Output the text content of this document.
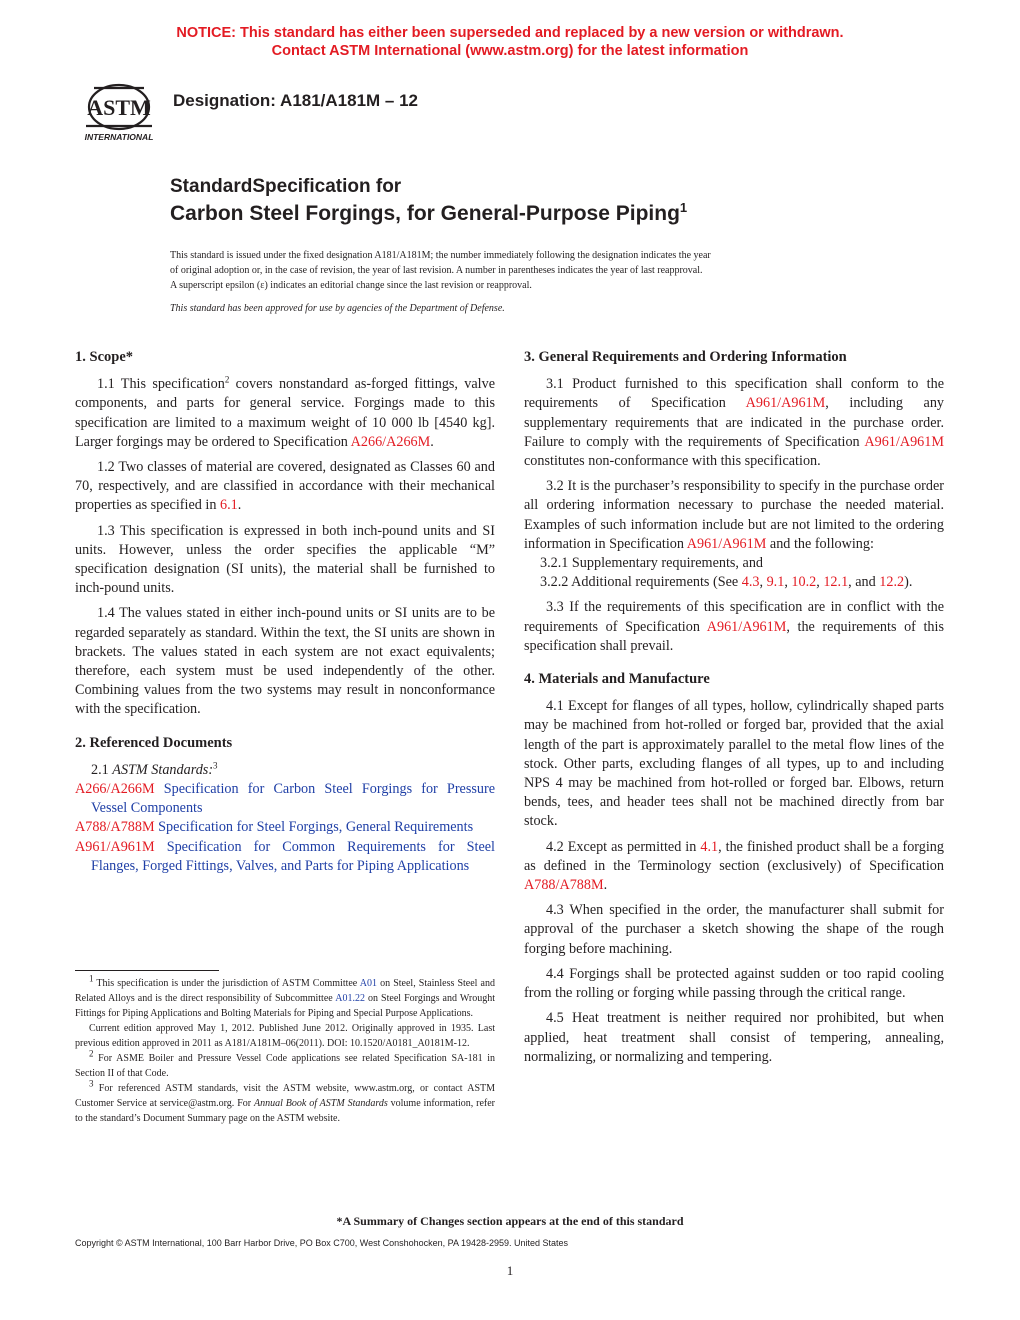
NOTICE: This standard has either been superseded and replaced by a new version or withdrawn.
Contact ASTM International (www.astm.org) for the latest information
ASTM
INTERNATIONAL
Designation: A181/A181M – 12
StandardSpecification for
Carbon Steel Forgings, for General-Purpose Piping$^1$
This standard is issued under the fixed designation A181/A181M; the number immediately following the designation indicates the year
of original adoption or, in the case of revision, the year of last revision. A number in parentheses indicates the year of last reapproval.
A superscript epsilon (ε) indicates an editorial change since the last revision or reapproval.
This standard has been approved for use by agencies of the Department of Defense.
1. Scope*

1.1 This specification$^2$ covers nonstandard as-forged fittings, valve components, and parts for general service. Forgings made to this specification are limited to a maximum weight of 10 000 lb [4540 kg]. Larger forgings may be ordered to Specification A266/A266M.

1.2 Two classes of material are covered, designated as Classes 60 and 70, respectively, and are classified in accordance with their mechanical properties as specified in 6.1.

1.3 This specification is expressed in both inch-pound units and SI units. However, unless the order specifies the applicable “M” specification designation (SI units), the material shall be furnished to inch-pound units.

1.4 The values stated in either inch-pound units or SI units are to be regarded separately as standard. Within the text, the SI units are shown in brackets. The values stated in each system are not exact equivalents; therefore, each system must be used independently of the other. Combining values from the two systems may result in nonconformance with the specification.

2. Referenced Documents

2.1 ASTM Standards:$^3$

A266/A266M Specification for Carbon Steel Forgings for Pressure Vessel Components

A788/A788M Specification for Steel Forgings, General Requirements

A961/A961M Specification for Common Requirements for Steel Flanges, Forged Fittings, Valves, and Parts for Piping Applications

$^1$ This specification is under the jurisdiction of ASTM Committee A01 on Steel, Stainless Steel and Related Alloys and is the direct responsibility of Subcommittee A01.22 on Steel Forgings and Wrought Fittings for Piping Applications and Bolting Materials for Piping and Special Purpose Applications.

Current edition approved May 1, 2012. Published June 2012. Originally approved in 1935. Last previous edition approved in 2011 as A181/A181M–06(2011). DOI: 10.1520/A0181_A0181M-12.

$^2$ For ASME Boiler and Pressure Vessel Code applications see related Specification SA-181 in Section II of that Code.

$^3$ For referenced ASTM standards, visit the ASTM website, www.astm.org, or contact ASTM Customer Service at service@astm.org. For Annual Book of ASTM Standards volume information, refer to the standard’s Document Summary page on the ASTM website.

3. General Requirements and Ordering Information

3.1 Product furnished to this specification shall conform to the requirements of Specification A961/A961M, including any supplementary requirements that are indicated in the purchase order. Failure to comply with the requirements of Specification A961/A961M constitutes non-conformance with this specification.

3.2 It is the purchaser’s responsibility to specify in the purchase order all ordering information necessary to purchase the needed material. Examples of such information include but are not limited to the ordering information in Specification A961/A961M and the following:

3.2.1 Supplementary requirements, and

3.2.2 Additional requirements (See 4.3, 9.1, 10.2, 12.1, and 12.2).

3.3 If the requirements of this specification are in conflict with the requirements of Specification A961/A961M, the requirements of this specification shall prevail.

4. Materials and Manufacture

4.1 Except for flanges of all types, hollow, cylindrically shaped parts may be machined from hot-rolled or forged bar, provided that the axial length of the part is approximately parallel to the metal flow lines of the stock. Other parts, excluding flanges of all types, up to and including NPS 4 may be machined from hot-rolled or forged bar. Elbows, return bends, tees, and header tees shall not be machined directly from bar stock.

4.2 Except as permitted in 4.1, the finished product shall be a forging as defined in the Terminology section (exclusively) of Specification A788/A788M.

4.3 When specified in the order, the manufacturer shall submit for approval of the purchaser a sketch showing the shape of the rough forging before machining.

4.4 Forgings shall be protected against sudden or too rapid cooling from the rolling or forging while passing through the critical range.

4.5 Heat treatment is neither required nor prohibited, but when applied, heat treatment shall consist of tempering, annealing, normalizing, or normalizing and tempering.

*A Summary of Changes section appears at the end of this standard
Copyright © ASTM International, 100 Barr Harbor Drive, PO Box C700, West Conshohocken, PA 19428-2959. United States
1
